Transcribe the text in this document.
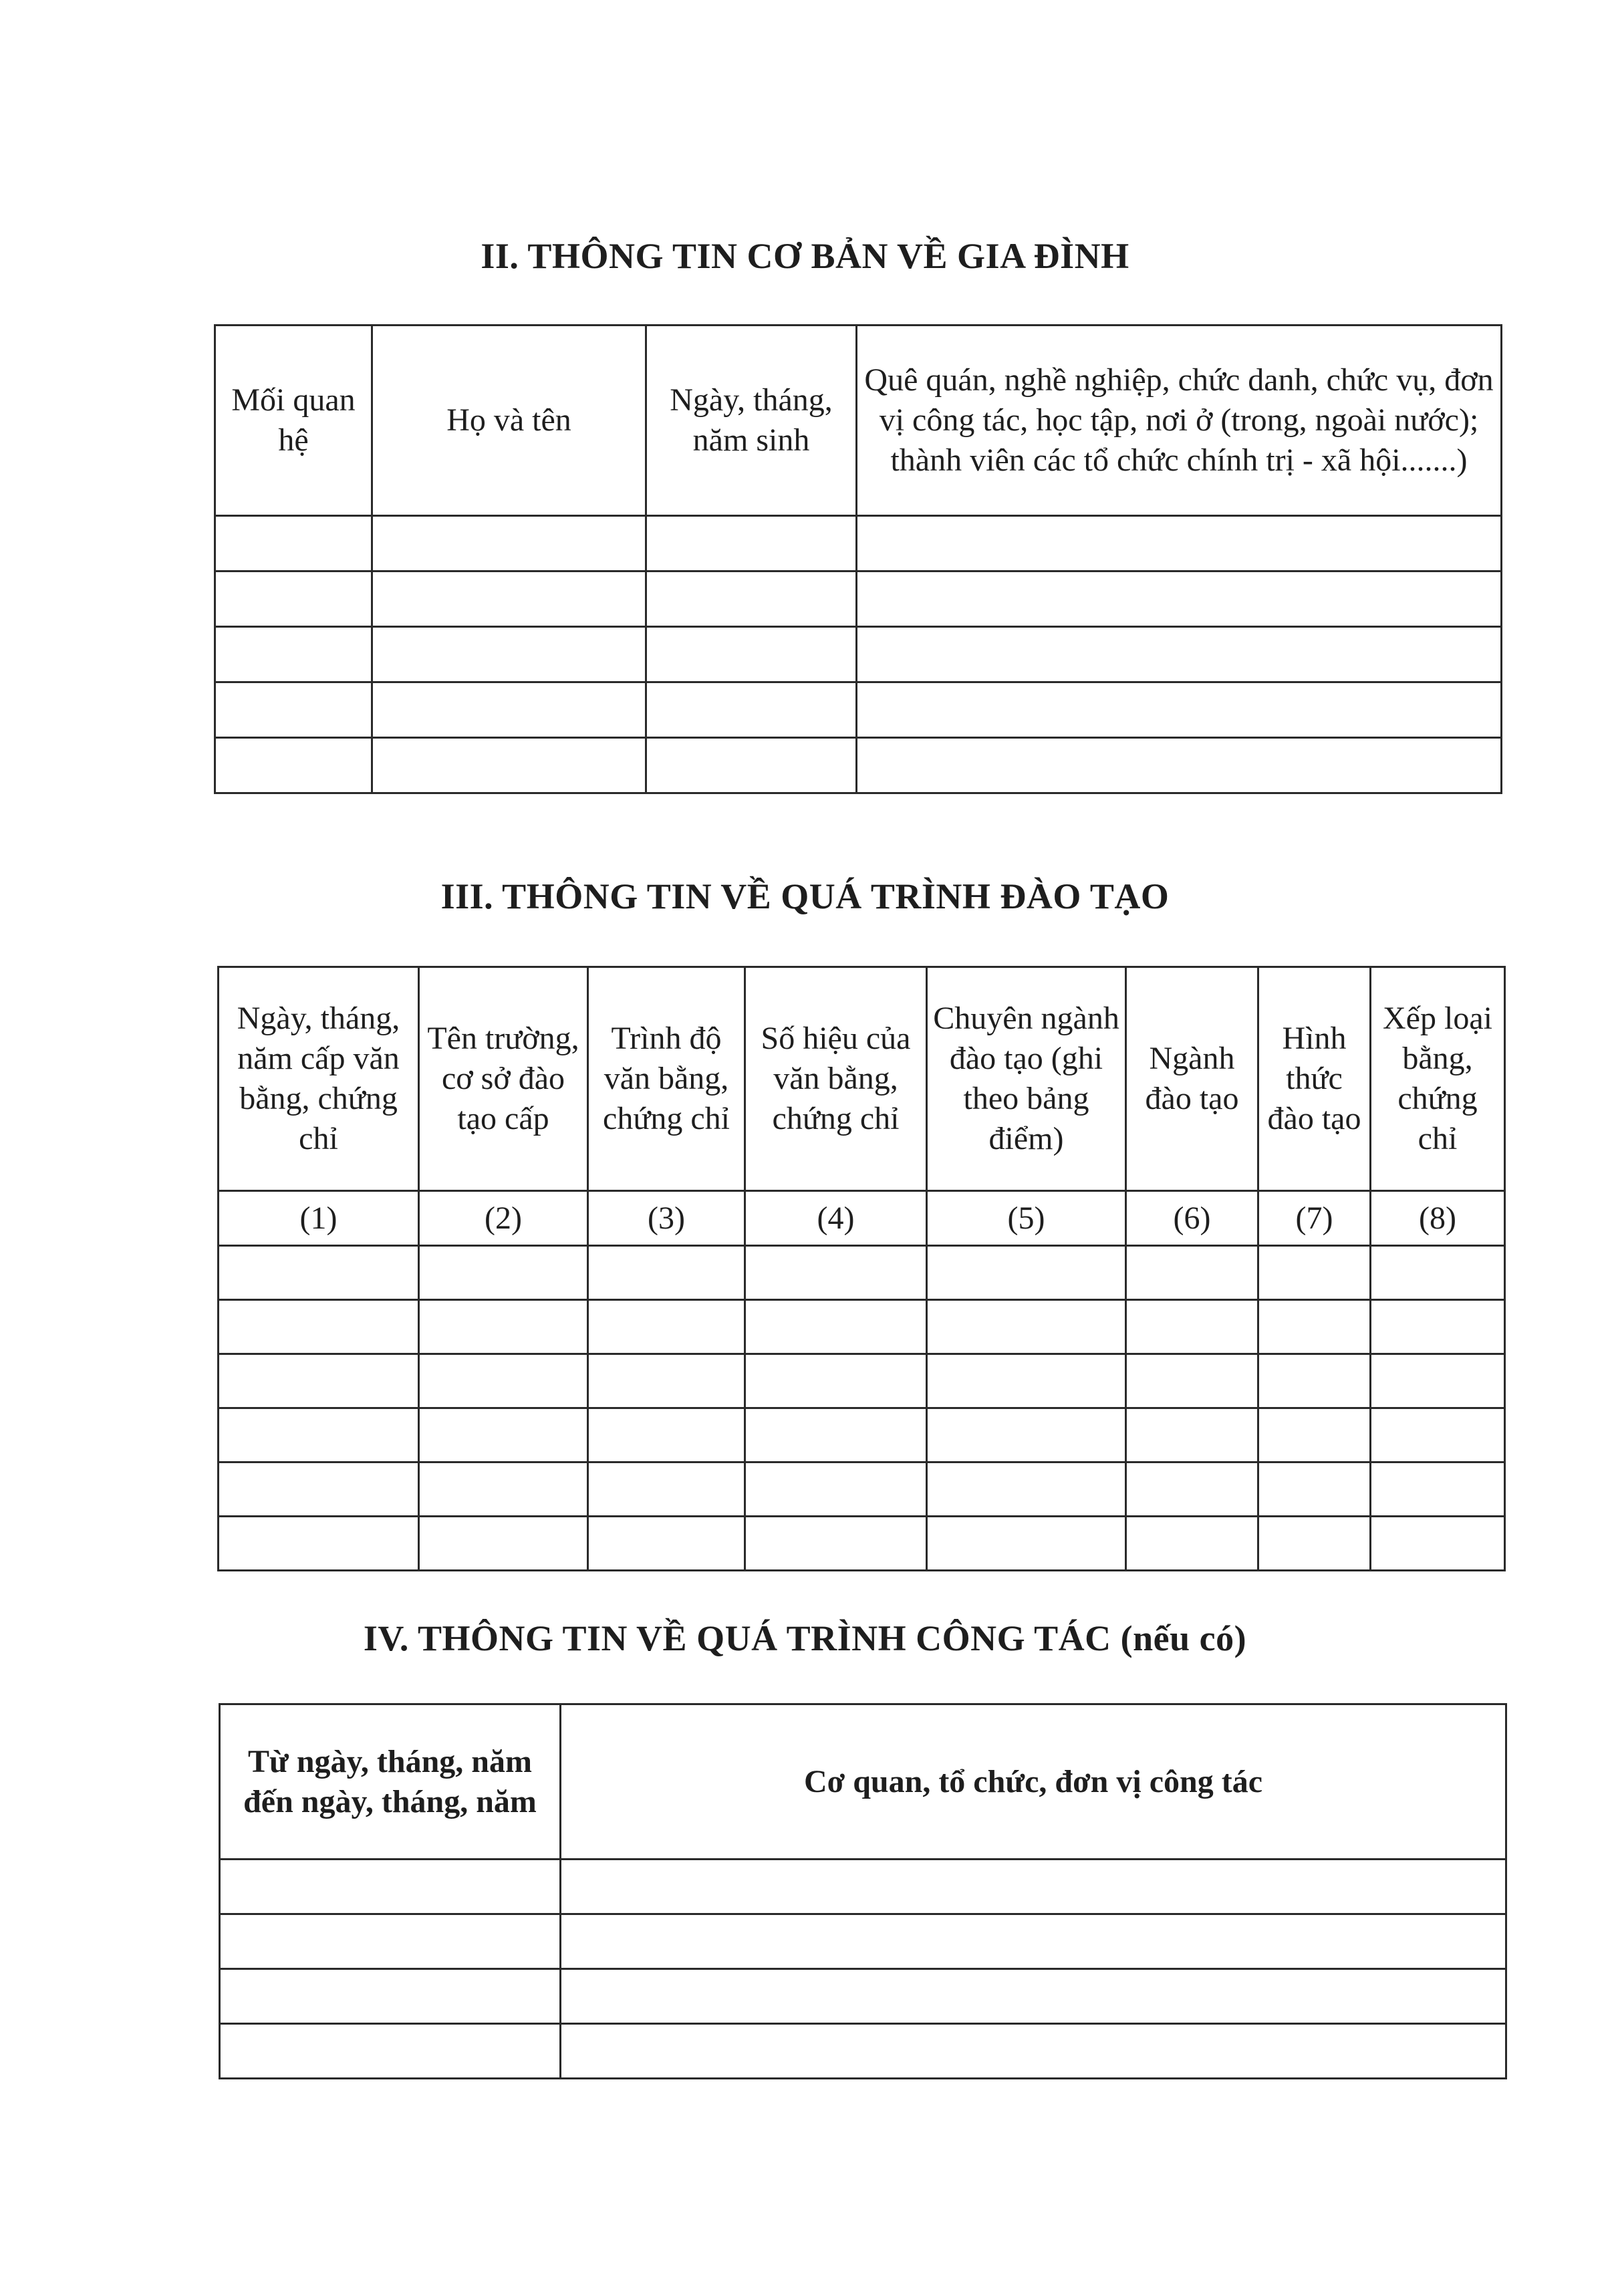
II. THÔNG TIN CƠ BẢN VỀ GIA ĐÌNH
Mối quan hệ	Họ và tên	Ngày, tháng, năm sinh	Quê quán, nghề nghiệp, chức danh, chức vụ, đơn vị công tác, học tập, nơi ở (trong, ngoài nước); thành viên các tổ chức chính trị - xã hội.......)

III. THÔNG TIN VỀ QUÁ TRÌNH ĐÀO TẠO
Ngày, tháng, năm cấp văn bằng, chứng chỉ	Tên trường, cơ sở đào tạo cấp	Trình độ văn bằng, chứng chỉ	Số hiệu của văn bằng, chứng chỉ	Chuyên ngành đào tạo (ghi theo bảng điểm)	Ngành đào tạo	Hình thức đào tạo	Xếp loại bằng, chứng chỉ
(1)	(2)	(3)	(4)	(5)	(6)	(7)	(8)

IV. THÔNG TIN VỀ QUÁ TRÌNH CÔNG TÁC (nếu có)
Từ ngày, tháng, năm đến ngày, tháng, năm	Cơ quan, tổ chức, đơn vị công tác
